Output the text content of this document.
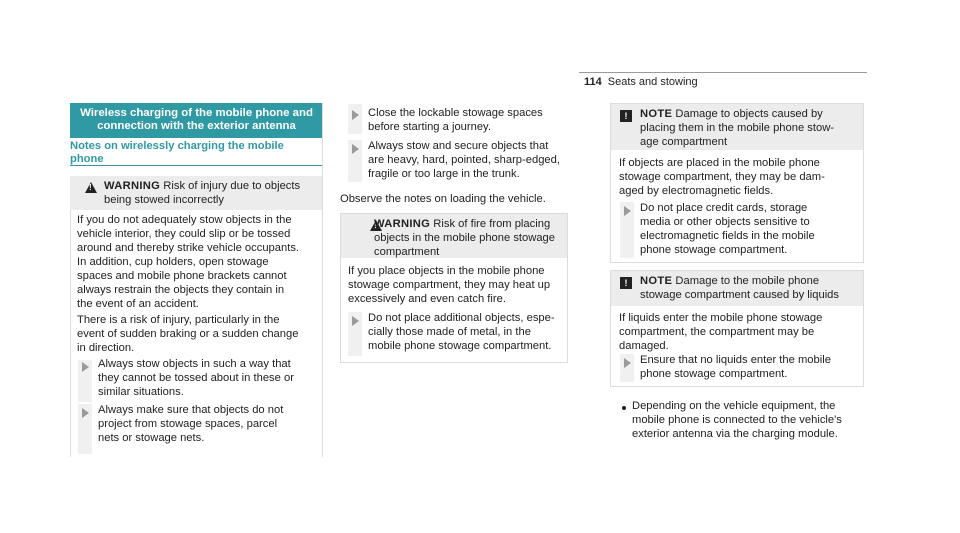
114 Seats and stowing
Wireless charging of the mobile phone and
connection with the exterior antenna
Notes on wirelessly charging the mobile
phone
!
WARNING Risk of injury due to objects
being stowed incorrectly
If you do not adequately stow objects in the
vehicle interior, they could slip or be tossed
around and thereby strike vehicle occupants.
In addition, cup holders, open stowage
spaces and mobile phone brackets cannot
always restrain the objects they contain in
the event of an accident.
There is a risk of injury, particularly in the
event of sudden braking or a sudden change
in direction.
Always stow objects in such a way that
they cannot be tossed about in these or
similar situations.
Always make sure that objects do not
project from stowage spaces, parcel
nets or stowage nets.
Close the lockable stowage spaces
before starting a journey.
Always stow and secure objects that
are heavy, hard, pointed, sharp-edged,
fragile or too large in the trunk.
Observe the notes on loading the vehicle.
!
WARNING Risk of fire from placing
objects in the mobile phone stowage
compartment
If you place objects in the mobile phone
stowage compartment, they may heat up
excessively and even catch fire.
Do not place additional objects, espe-
cially those made of metal, in the
mobile phone stowage compartment.
!	NOTE Damage to objects caused by
placing them in the mobile phone stow-
age compartment
If objects are placed in the mobile phone
stowage compartment, they may be dam-
aged by electromagnetic fields.
Do not place credit cards, storage
media or other objects sensitive to
electromagnetic fields in the mobile
phone stowage compartment.
!	NOTE Damage to the mobile phone
stowage compartment caused by liquids
If liquids enter the mobile phone stowage
compartment, the compartment may be
damaged.
Ensure that no liquids enter the mobile
phone stowage compartment.
Depending on the vehicle equipment, the
mobile phone is connected to the vehicle's
exterior antenna via the charging module.
